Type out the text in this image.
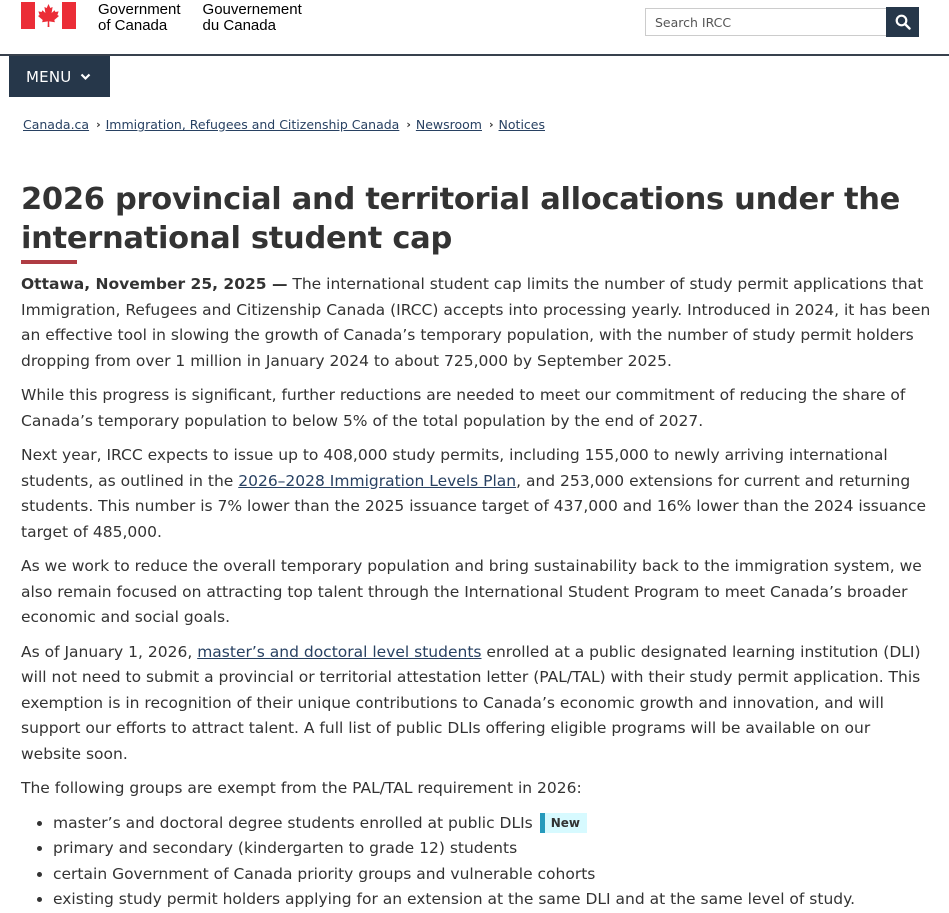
Government
of Canada
Gouvernement
du Canada
Search IRCC
MENU
Canada.ca › Immigration, Refugees and Citizenship Canada › Newsroom › Notices
2026 provincial and territorial allocations under the international student cap

Ottawa, November 25, 2025 — The international student cap limits the number of study permit applications that Immigration, Refugees and Citizenship Canada (IRCC) accepts into processing yearly. Introduced in 2024, it has been an effective tool in slowing the growth of Canada’s temporary population, with the number of study permit holders dropping from over 1 million in January 2024 to about 725,000 by September 2025.

While this progress is significant, further reductions are needed to meet our commitment of reducing the share of Canada’s temporary population to below 5% of the total population by the end of 2027.

Next year, IRCC expects to issue up to 408,000 study permits, including 155,000 to newly arriving international students, as outlined in the 2026–2028 Immigration Levels Plan, and 253,000 extensions for current and returning students. This number is 7% lower than the 2025 issuance target of 437,000 and 16% lower than the 2024 issuance target of 485,000.

As we work to reduce the overall temporary population and bring sustainability back to the immigration system, we also remain focused on attracting top talent through the International Student Program to meet Canada’s broader economic and social goals.

As of January 1, 2026, master’s and doctoral level students enrolled at a public designated learning institution (DLI) will not need to submit a provincial or territorial attestation letter (PAL/TAL) with their study permit application. This exemption is in recognition of their unique contributions to Canada’s economic growth and innovation, and will support our efforts to attract talent. A full list of public DLIs offering eligible programs will be available on our website soon.

The following groups are exempt from the PAL/TAL requirement in 2026:

• master’s and doctoral degree students enrolled at public DLIs New
• primary and secondary (kindergarten to grade 12) students
• certain Government of Canada priority groups and vulnerable cohorts
• existing study permit holders applying for an extension at the same DLI and at the same level of study.
